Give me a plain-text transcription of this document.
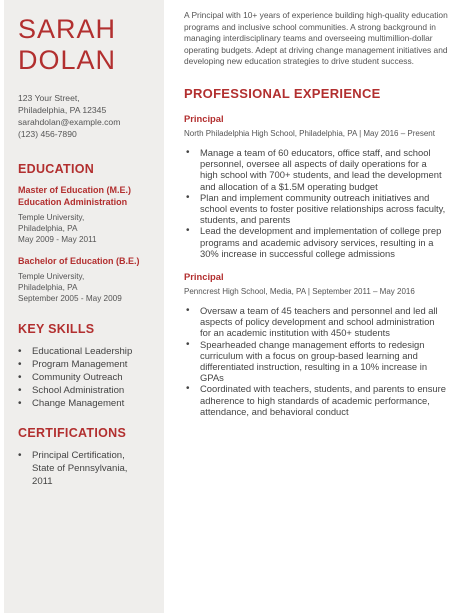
SARAH
DOLAN
123 Your Street,
Philadelphia, PA 12345
sarahdolan@example.com
(123) 456-7890
EDUCATION
Master of Education (M.E.)
Education Administration
Temple University,
Philadelphia, PA
May 2009 - May 2011
Bachelor of Education (B.E.)
Temple University,
Philadelphia, PA
September 2005 - May 2009
KEY SKILLS
• Educational Leadership
• Program Management
• Community Outreach
• School Administration
• Change Management
CERTIFICATIONS
• Principal Certification,
State of Pennsylvania,
2011

A Principal with 10+ years of experience building high-quality education programs and inclusive school communities. A strong background in managing interdisciplinary teams and overseeing multimillion-dollar operating budgets. Adept at driving change management initiatives and developing new education strategies to drive student success.

PROFESSIONAL EXPERIENCE
Principal
North Philadelphia High School, Philadelphia, PA | May 2016 – Present
• Manage a team of 60 educators, office staff, and school personnel, oversee all aspects of daily operations for a high school with 700+ students, and lead the development and allocation of a $1.5M operating budget
• Plan and implement community outreach initiatives and school events to foster positive relationships across faculty, students, and parents
• Lead the development and implementation of college prep programs and academic advisory services, resulting in a 30% increase in successful college admissions
Principal
Penncrest High School, Media, PA | September 2011 – May 2016
• Oversaw a team of 45 teachers and personnel and led all aspects of policy development and school administration for an academic institution with 450+ students
• Spearheaded change management efforts to redesign curriculum with a focus on group-based learning and differentiated instruction, resulting in a 10% increase in GPAs
• Coordinated with teachers, students, and parents to ensure adherence to high standards of academic performance, attendance, and behavioral conduct
